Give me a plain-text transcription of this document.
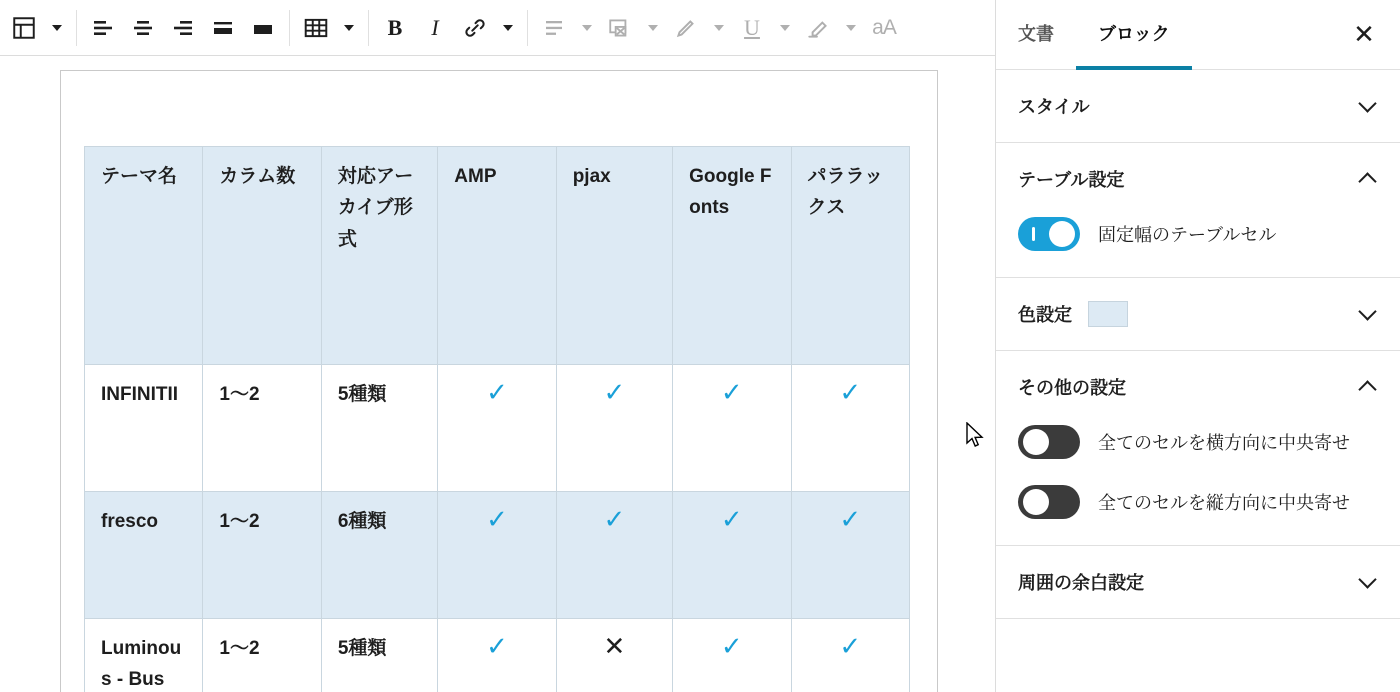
B I	U	aA
テーマ名	カラム数	対応アーカイブ形式	AMP	pjax	Google Fonts	パララックス
INFINITII	1〜2	5種類	✓	✓	✓	✓
fresco	1〜2	6種類	✓	✓	✓	✓
Luminous - Bus	1〜2	5種類	✓	✕	✓	✓
文書	ブロック	✕
スタイル
テーブル設定
固定幅のテーブルセル
色設定
その他の設定
全てのセルを横方向に中央寄せ
全てのセルを縦方向に中央寄せ
周囲の余白設定
